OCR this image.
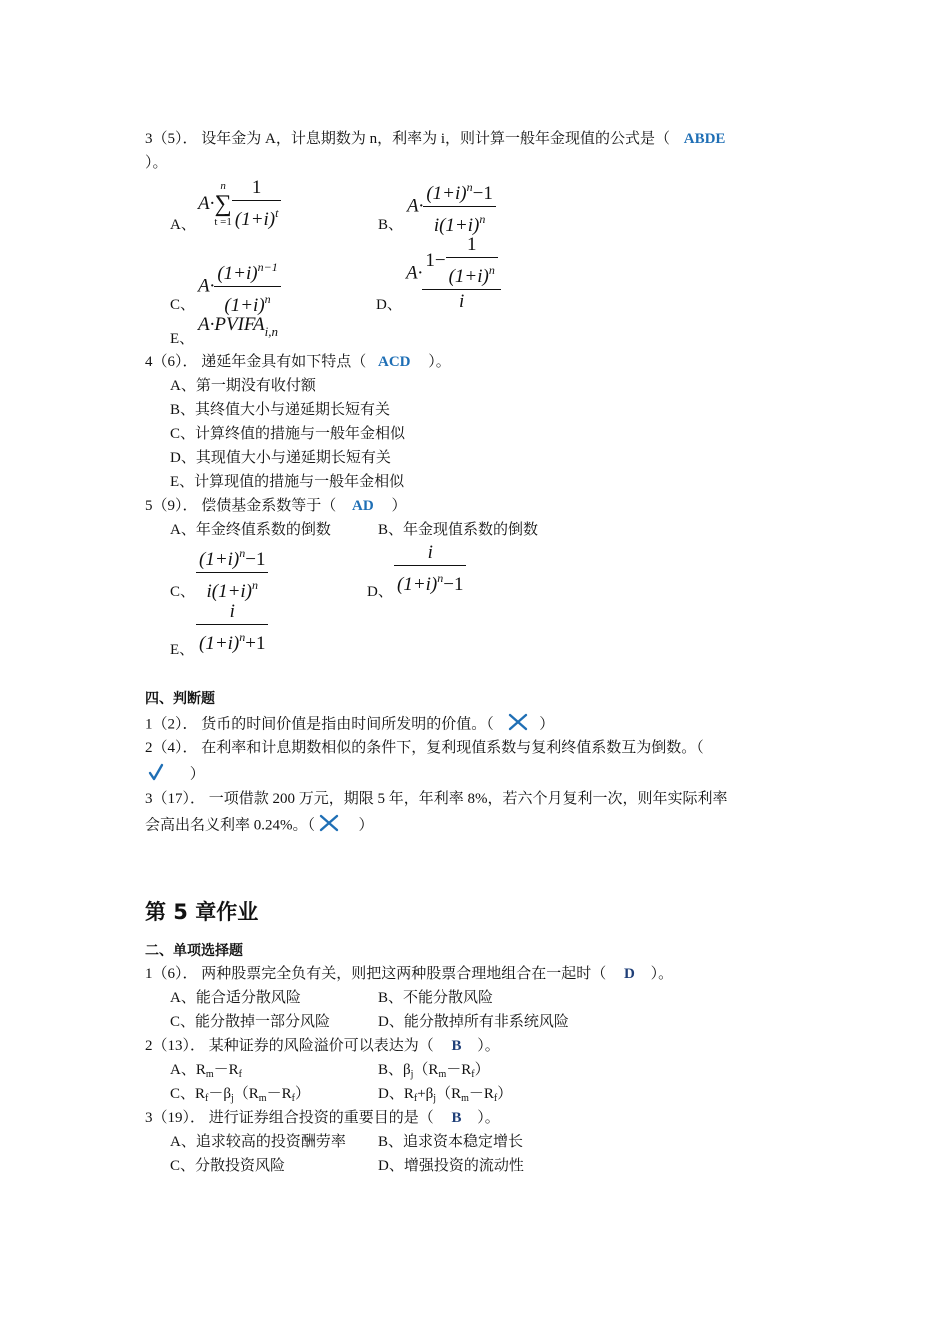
3（5）． 设年金为 A，计息期数为 n，利率为 i，则计算一般年金现值的公式是（ ABDE
）。
A、
A·
n
∑
$t =1 \frac{1}{(1+i)^t}$	B、
$A\cdot \frac{(1+i)^n-1}{i(1+i)^n}$
C、
$A\cdot \frac{(1+i)^{n-1}}{(1+i)^n}$	D、
$A\cdot \frac{1- \frac{1}{(1+i)^n}}{i}$
E、
$A\cdot PVIFA_{i,n}$
4（6）． 递延年金具有如下特点（ ACD ）。
A、第一期没有收付额
B、其终值大小与递延期长短有关
C、计算终值的措施与一般年金相似
D、其现值大小与递延期长短有关
E、计算现值的措施与一般年金相似
5（9）． 偿债基金系数等于（ AD ）
A、年金终值系数的倒数	B、年金现值系数的倒数
C、 $\frac{(1+i)^n-1}{i(1+i)^n}$	D、 $\frac{i}{(1+i)^n-1}$
E、 $\frac{i}{(1+i)^n+1}$
四、判断题
1（2）． 货币的时间价值是指由时间所发明的价值。（	）
2（4）． 在利率和计息期数相似的条件下，复利现值系数与复利终值系数互为倒数。（
）
3（17）． 一项借款 200 万元，期限 5 年，年利率 8%，若六个月复利一次，则年实际利率
会高出名义利率 0.24%。（	）
第 5 章作业
二、单项选择题
1（6）． 两种股票完全负有关，则把这两种股票合理地组合在一起时（ D ）。
A、能合适分散风险	B、不能分散风险
C、能分散掉一部分风险	D、能分散掉所有非系统风险
2（13）． 某种证券的风险溢价可以表达为（ B ）。
A、$R_m-R_f$	B、$\beta_j(R_m-R_f)$
C、$R_f-\beta_j(R_m-R_f)$	D、$R_f+\beta_j(R_m-R_f)$
3（19）． 进行证券组合投资的重要目的是（ B ）。
A、追求较高的投资酬劳率 B、追求资本稳定增长
C、分散投资风险	D、增强投资的流动性
